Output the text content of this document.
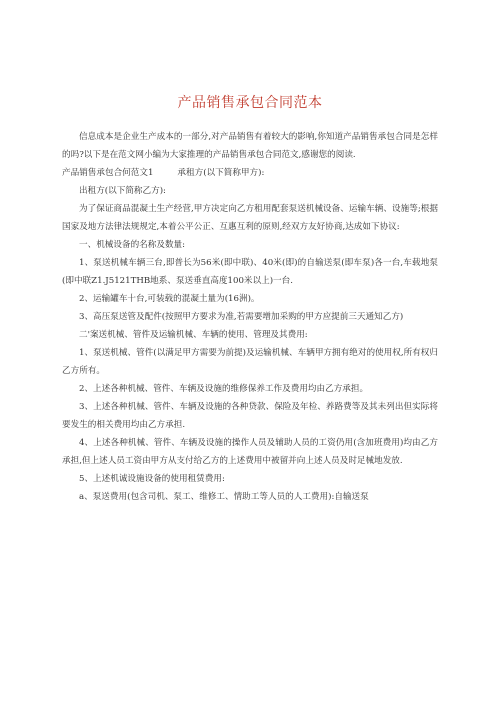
产品销售承包合同范本

信息成本是企业生产成本的一部分,对产品销售有着较大的影响,你知道产品销售承包合同是怎样的吗?以下是在范文网小编为大家推理的产品销售承包合同范文,感谢您的阅读.

产品销售承包合何范文1	承租方(以下简称甲方):

出租方(以下简称乙方):

为了保证商品混凝土生产经营,甲方决定向乙方租用配套泵送机械设备、运输车辆、设施等;根据国家及地方法律法规规定,本着公平公正、互惠互利的原则,经双方友好协商,达成如下协议:

一、机械设备的名称及数量:

1、泵送机械车辆三台,即普长为56米(即中联)、40米(即)的自输送泵(即车泵)各一台,车载地泵(即中联Z1.J5121THB地系、泵送垂直高度100米以上)一台.

2、运输罐车十台,可装载的混凝土量为(16洲)。

3、高压泵送管及配件(按照甲方要求为准,若需要增加采购的甲方应提前三天通知乙方)

二'案送机械、管件及运输机械、车辆的使用、管理及其费用:

1、泵送机械、管件(以满足甲方需要为前提)及运输机械、车辆甲方拥有绝对的使用权,所有权归乙方所有。

2、上述各种机械、管件、车辆及设施的维修保养工作及费用均由乙方承担。

3、上述各种机械、管件、车辆及设施的各种贷款、保险及年检、养路费等及其未列出但实际将要发生的相关费用均由乙方承担.

4、上述各种机械、管件、车辆及设施的操作人员及辅助人员的工资仍用(含加班费用)均由乙方承担,但上述人员工资由甲方从支付给乙方的上述费用中被留并向上述人员及时足械地发放.

5、上述机诚设施设备的使用租赁费用:

a、泵送费用(包含司机、泵工、维修工、情助工等人员的人工费用):自输送泵
